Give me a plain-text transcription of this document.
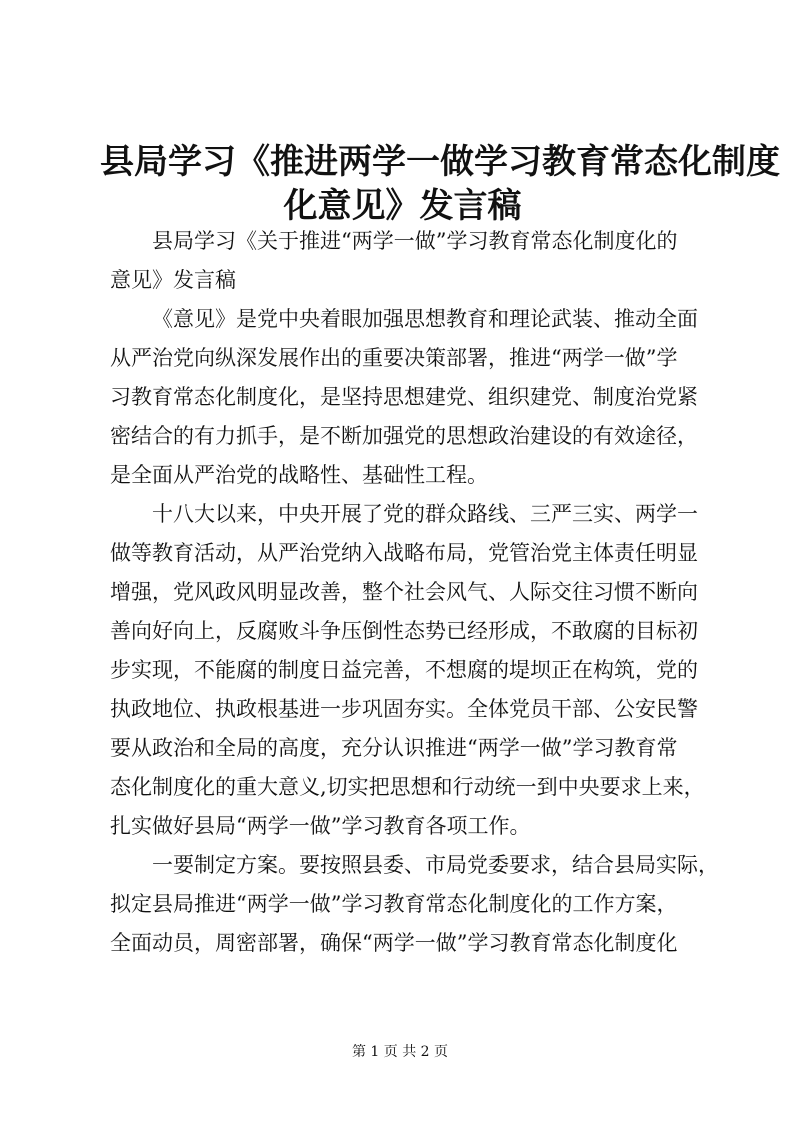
县局学习《推进两学一做学习教育常态化制度
化意见》发言稿

县局学习《关于推进“两学一做”学习教育常态化制度化的
意见》发言稿

《意见》是党中央着眼加强思想教育和理论武装、推动全面
从严治党向纵深发展作出的重要决策部署，推进“两学一做”学
习教育常态化制度化，是坚持思想建党、组织建党、制度治党紧
密结合的有力抓手，是不断加强党的思想政治建设的有效途径，
是全面从严治党的战略性、基础性工程。

十八大以来，中央开展了党的群众路线、三严三实、两学一
做等教育活动，从严治党纳入战略布局，党管治党主体责任明显
增强，党风政风明显改善，整个社会风气、人际交往习惯不断向
善向好向上，反腐败斗争压倒性态势已经形成，不敢腐的目标初
步实现，不能腐的制度日益完善，不想腐的堤坝正在构筑，党的
执政地位、执政根基进一步巩固夯实。全体党员干部、公安民警
要从政治和全局的高度，充分认识推进“两学一做”学习教育常
态化制度化的重大意义,切实把思想和行动统一到中央要求上来，
扎实做好县局“两学一做”学习教育各项工作。

一要制定方案。要按照县委、市局党委要求，结合县局实际，
拟定县局推进“两学一做”学习教育常态化制度化的工作方案，
全面动员，周密部署，确保“两学一做”学习教育常态化制度化

第 1 页 共 2 页
